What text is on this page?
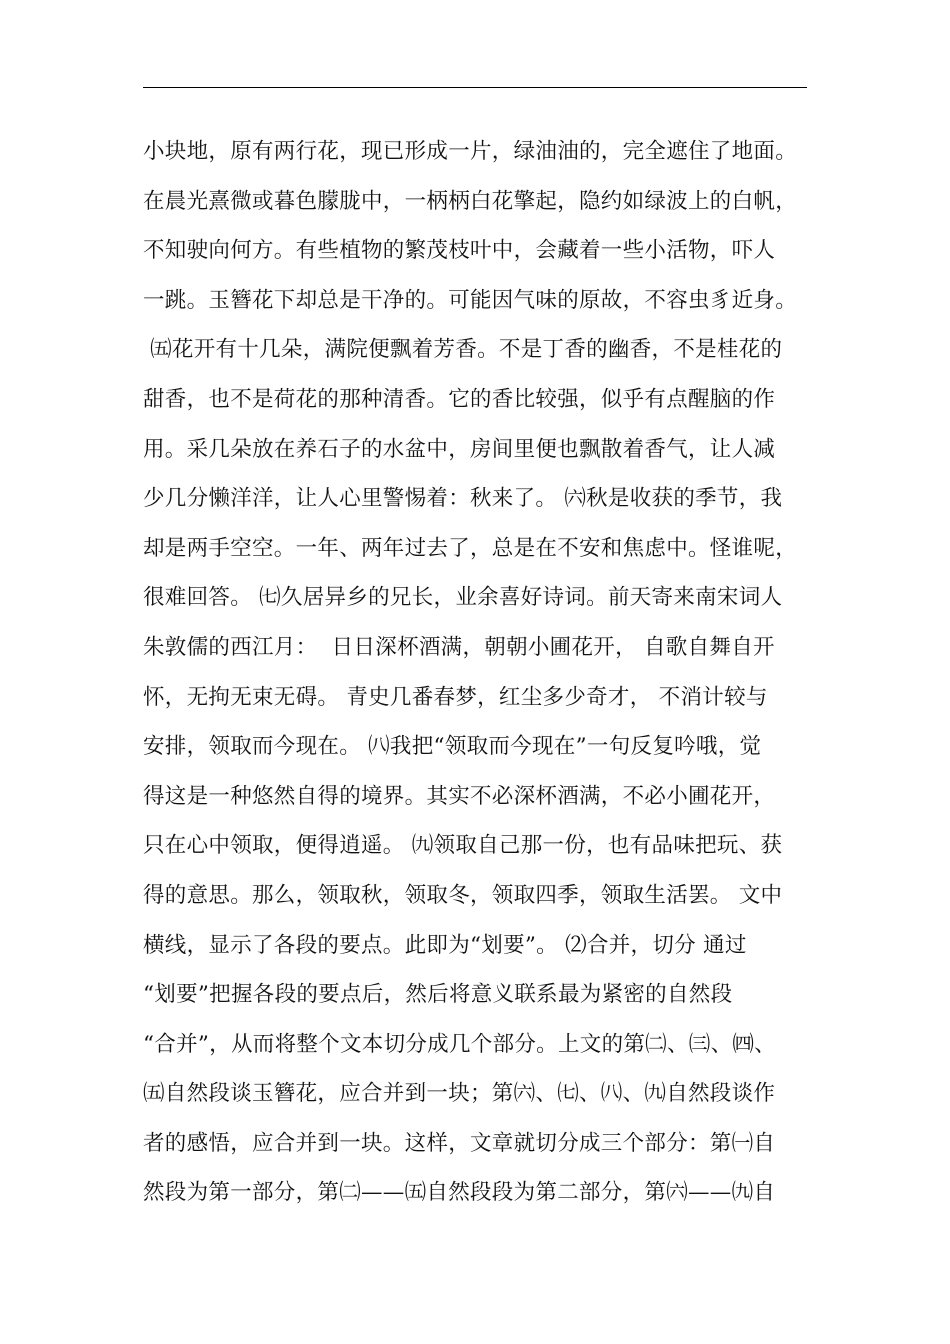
小块地，原有两行花，现已形成一片，绿油油的，完全遮住了地面。
在晨光熹微或暮色朦胧中，一柄柄白花擎起，隐约如绿波上的白帆，
不知驶向何方。有些植物的繁茂枝叶中，会藏着一些小活物，吓人
一跳。玉簪花下却总是干净的。可能因气味的原故，不容虫豸近身。
㈤花开有十几朵，满院便飘着芳香。不是丁香的幽香，不是桂花的
甜香，也不是荷花的那种清香。它的香比较强，似乎有点醒脑的作
用。采几朵放在养石子的水盆中，房间里便也飘散着香气，让人减
少几分懒洋洋，让人心里警惕着：秋来了。 ㈥秋是收获的季节，我
却是两手空空。一年、两年过去了，总是在不安和焦虑中。怪谁呢，
很难回答。 ㈦久居异乡的兄长，业余喜好诗词。前天寄来南宋词人
朱敦儒的西江月：  日日深杯酒满，朝朝小圃花开， 自歌自舞自开
怀，无拘无束无碍。 青史几番春梦，红尘多少奇才， 不消计较与
安排，领取而今现在。 ㈧我把“领取而今现在”一句反复吟哦，觉
得这是一种悠然自得的境界。其实不必深杯酒满，不必小圃花开，
只在心中领取，便得逍遥。 ㈨领取自己那一份，也有品味把玩、获
得的意思。那么，领取秋，领取冬，领取四季，领取生活罢。 文中
横线，显示了各段的要点。此即为“划要”。 ⑵合并，切分 通过
“划要”把握各段的要点后，然后将意义联系最为紧密的自然段
“合并”，从而将整个文本切分成几个部分。上文的第㈡、㈢、㈣、
㈤自然段谈玉簪花，应合并到一块；第㈥、㈦、㈧、㈨自然段谈作
者的感悟，应合并到一块。这样，文章就切分成三个部分：第㈠自
然段为第一部分，第㈡——㈤自然段段为第二部分，第㈥——㈨自
